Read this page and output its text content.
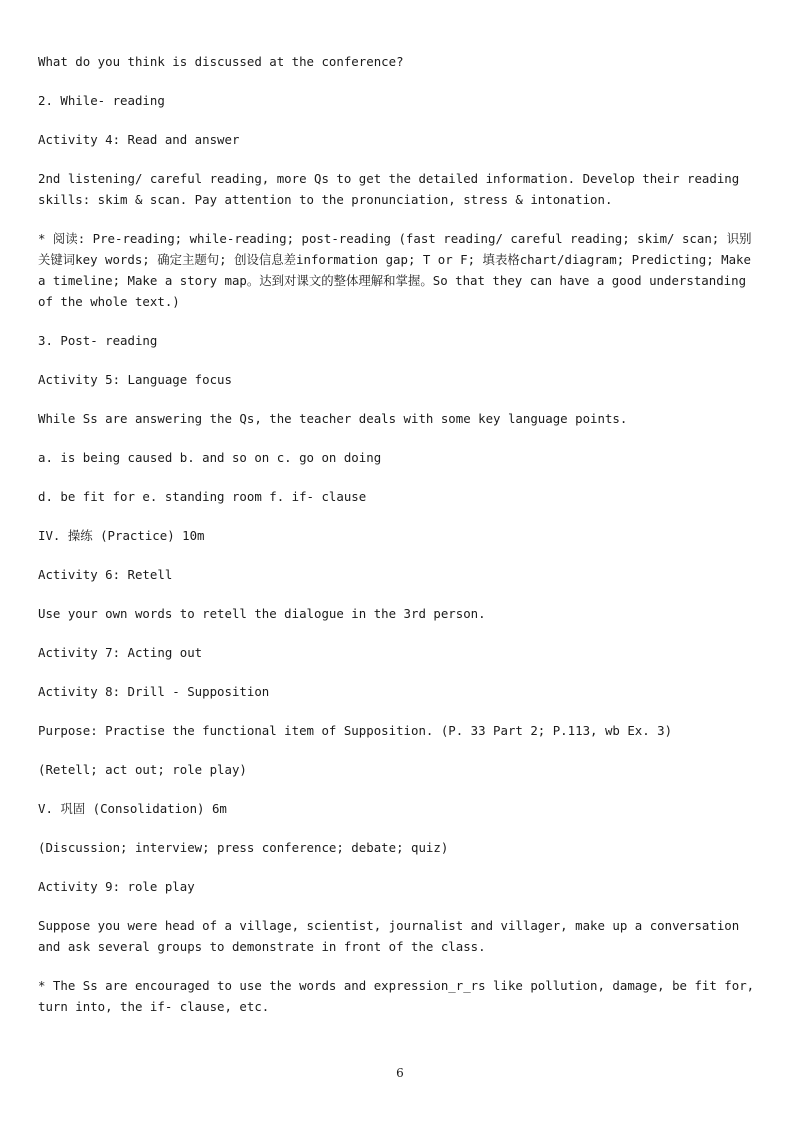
What do you think is discussed at the conference?

2. While- reading

Activity 4: Read and answer

2nd listening/ careful reading, more Qs to get the detailed information. Develop their reading skills: skim & scan. Pay attention to the pronunciation, stress & intonation.

* 阅读: Pre-reading; while-reading; post-reading (fast reading/ careful reading; skim/ scan; 识别关键词key words; 确定主题句; 创设信息差information gap; T or F; 填表格chart/diagram; Predicting; Make a timeline; Make a story map。达到对课文的整体理解和掌握。So that they can have a good understanding of the whole text.)

3. Post- reading

Activity 5: Language focus

While Ss are answering the Qs, the teacher deals with some key language points.

a. is being caused b. and so on c. go on doing

d. be fit for e. standing room f. if- clause

IV. 操练 (Practice) 10m

Activity 6: Retell

Use your own words to retell the dialogue in the 3rd person.

Activity 7: Acting out

Activity 8: Drill - Supposition

Purpose: Practise the functional item of Supposition. (P. 33 Part 2; P.113, wb Ex. 3)

(Retell; act out; role play)

V. 巩固 (Consolidation) 6m

(Discussion; interview; press conference; debate; quiz)

Activity 9: role play

Suppose you were head of a village, scientist, journalist and villager, make up a conversation and ask several groups to demonstrate in front of the class.

* The Ss are encouraged to use the words and expression_r_rs like pollution, damage, be fit for, turn into, the if- clause, etc.

6
